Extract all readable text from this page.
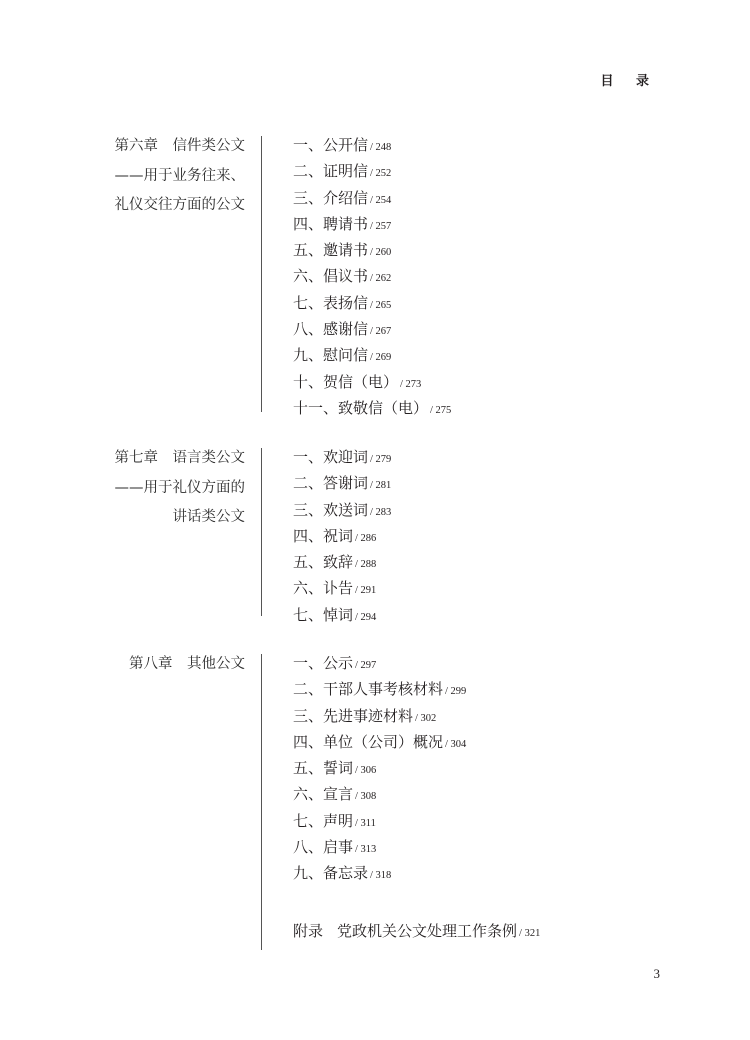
目 录
第六章　信件类公文
——用于业务往来、
礼仪交往方面的公文
一、公开信 / 248
二、证明信 / 252
三、介绍信 / 254
四、聘请书 / 257
五、邀请书 / 260
六、倡议书 / 262
七、表扬信 / 265
八、感谢信 / 267
九、慰问信 / 269
十、贺信（电） / 273
十一、致敬信（电） / 275
第七章　语言类公文
——用于礼仪方面的
讲话类公文
一、欢迎词 / 279
二、答谢词 / 281
三、欢送词 / 283
四、祝词 / 286
五、致辞 / 288
六、讣告 / 291
七、悼词 / 294
第八章　其他公文	一、公示 / 297
二、干部人事考核材料 / 299
三、先进事迹材料 / 302
四、单位（公司）概况 / 304
五、誓词 / 306
六、宣言 / 308
七、声明 / 311
八、启事 / 313
九、备忘录 / 318
附录 党政机关公文处理工作条例 / 321
3
